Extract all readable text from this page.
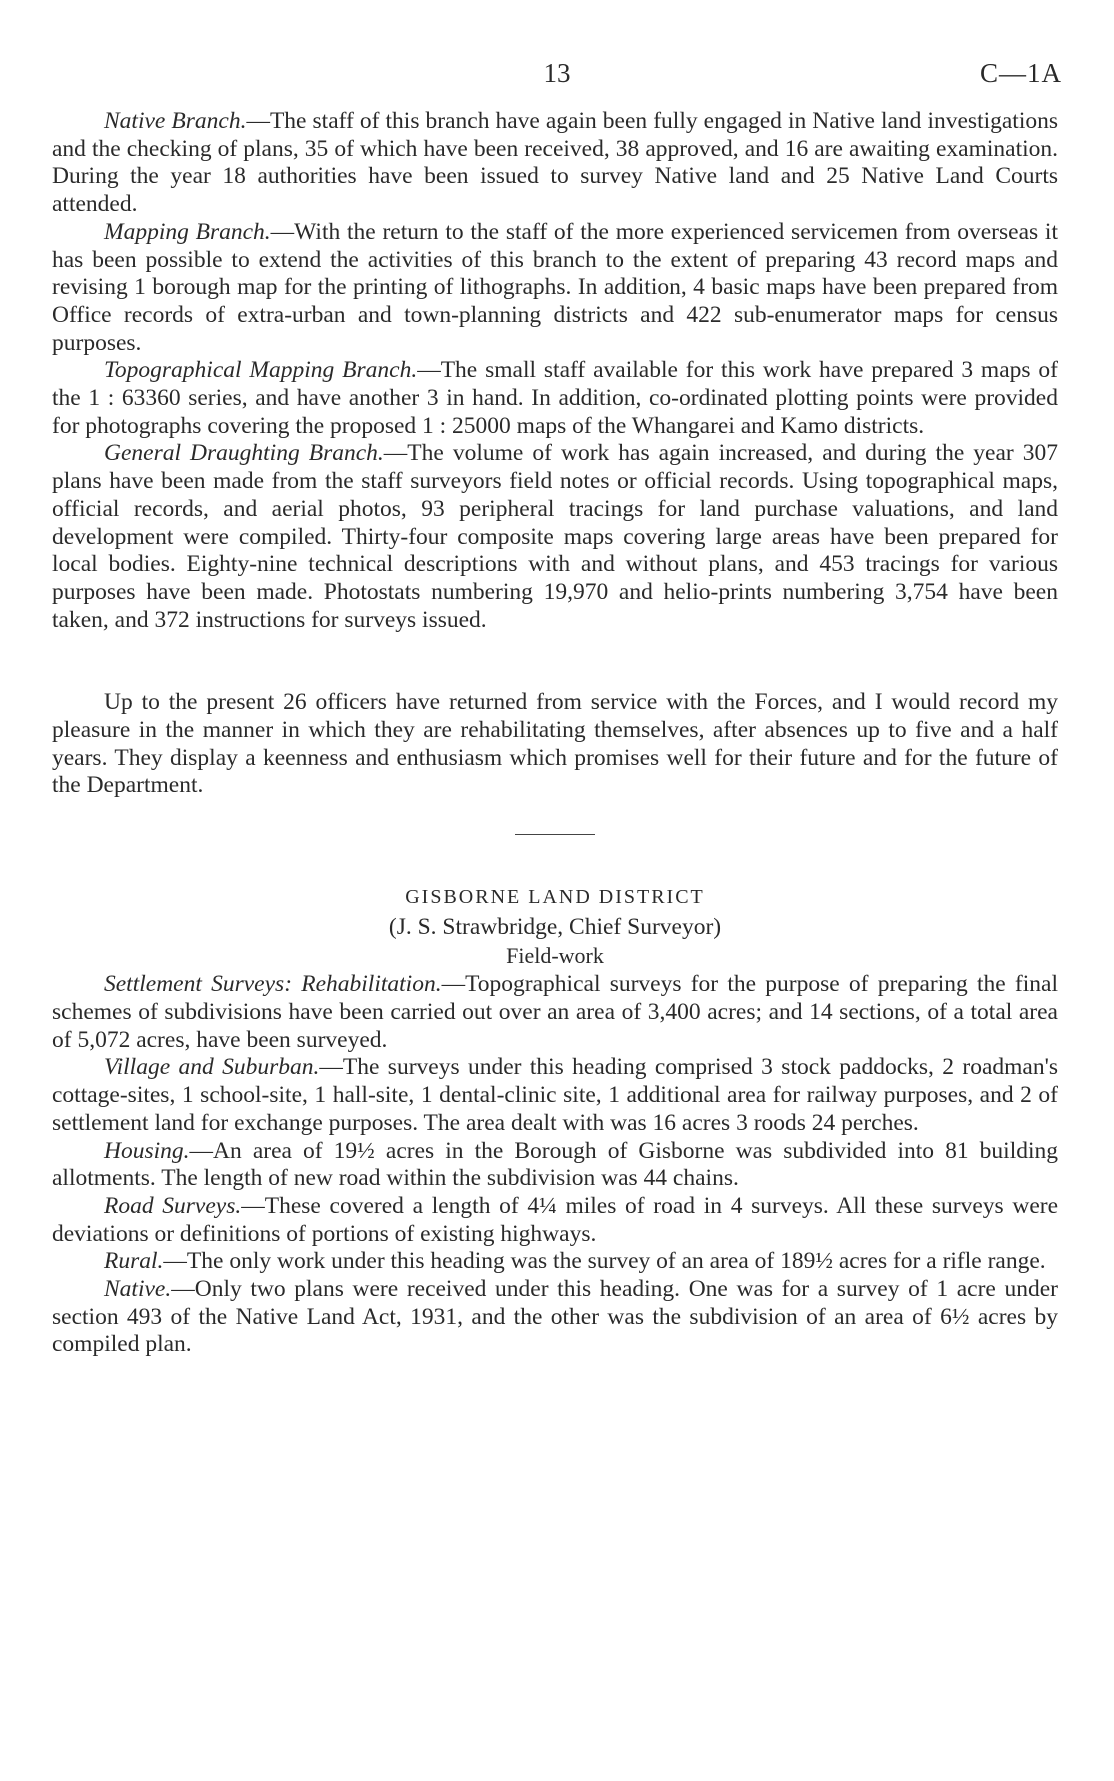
13	C—1A

Native Branch.—The staff of this branch have again been fully engaged in Native land investigations and the checking of plans, 35 of which have been received, 38 approved, and 16 are awaiting examination. During the year 18 authorities have been issued to survey Native land and 25 Native Land Courts attended.

Mapping Branch.—With the return to the staff of the more experienced servicemen from overseas it has been possible to extend the activities of this branch to the extent of preparing 43 record maps and revising 1 borough map for the printing of lithographs. In addition, 4 basic maps have been prepared from Office records of extra-urban and town-planning districts and 422 sub-enumerator maps for census purposes.

Topographical Mapping Branch.—The small staff available for this work have prepared 3 maps of the 1 : 63360 series, and have another 3 in hand. In addition, co-ordinated plotting points were provided for photographs covering the proposed 1 : 25000 maps of the Whangarei and Kamo districts.

General Draughting Branch.—The volume of work has again increased, and during the year 307 plans have been made from the staff surveyors field notes or official records. Using topographical maps, official records, and aerial photos, 93 peripheral tracings for land purchase valuations, and land development were compiled. Thirty-four composite maps covering large areas have been prepared for local bodies. Eighty-nine technical descriptions with and without plans, and 453 tracings for various purposes have been made. Photostats numbering 19,970 and helio-prints numbering 3,754 have been taken, and 372 instructions for surveys issued.

Up to the present 26 officers have returned from service with the Forces, and I would record my pleasure in the manner in which they are rehabilitating themselves, after absences up to five and a half years. They display a keenness and enthusiasm which promises well for their future and for the future of the Department.

GISBORNE LAND DISTRICT

(J. S. Strawbridge, Chief Surveyor)

Field-work

Settlement Surveys: Rehabilitation.—Topographical surveys for the purpose of preparing the final schemes of subdivisions have been carried out over an area of 3,400 acres; and 14 sections, of a total area of 5,072 acres, have been surveyed.

Village and Suburban.—The surveys under this heading comprised 3 stock paddocks, 2 roadman's cottage-sites, 1 school-site, 1 hall-site, 1 dental-clinic site, 1 additional area for railway purposes, and 2 of settlement land for exchange purposes. The area dealt with was 16 acres 3 roods 24 perches.

Housing.—An area of 19½ acres in the Borough of Gisborne was subdivided into 81 building allotments. The length of new road within the subdivision was 44 chains.

Road Surveys.—These covered a length of 4¼ miles of road in 4 surveys. All these surveys were deviations or definitions of portions of existing highways.

Rural.—The only work under this heading was the survey of an area of 189½ acres for a rifle range.

Native.—Only two plans were received under this heading. One was for a survey of 1 acre under section 493 of the Native Land Act, 1931, and the other was the subdivision of an area of 6½ acres by compiled plan.
